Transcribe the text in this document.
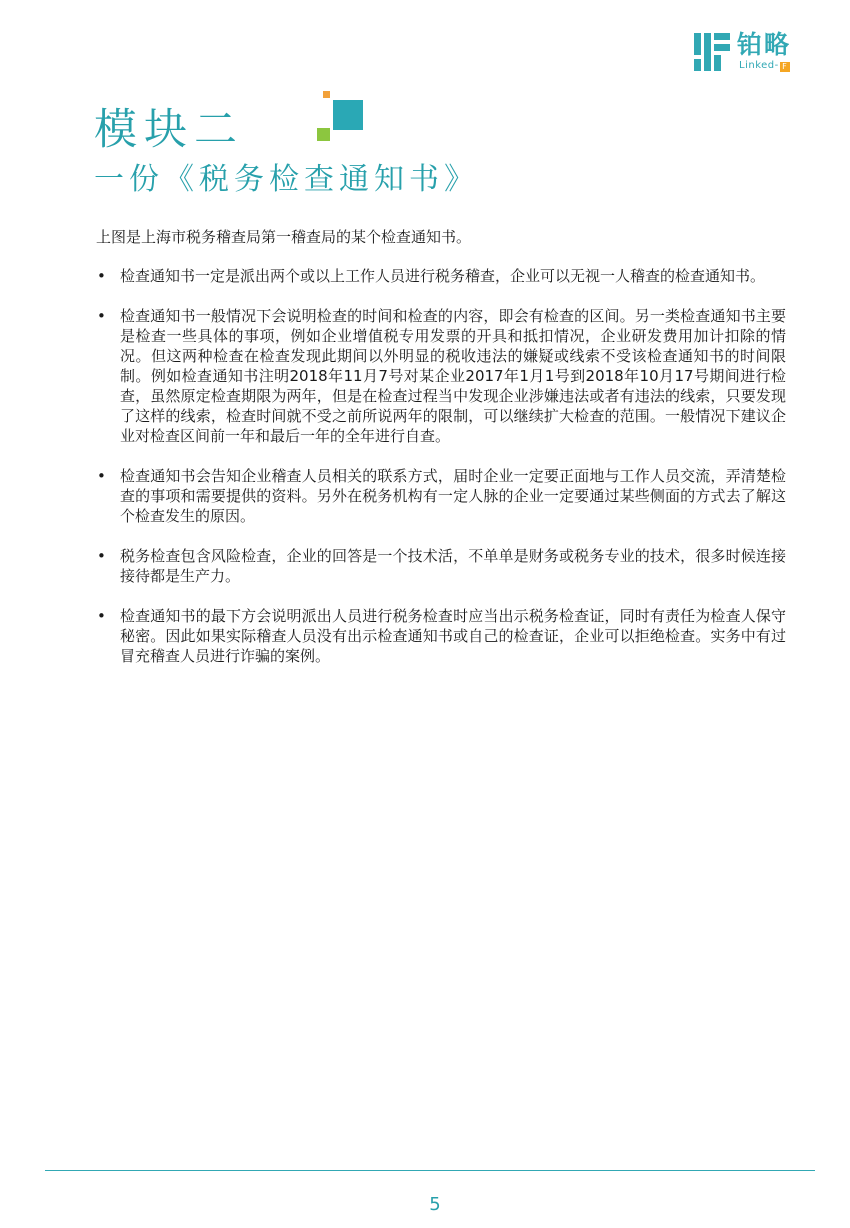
铂略
Linked- F
模块二
一份《税务检查通知书》

上图是上海市税务稽查局第一稽查局的某个检查通知书。

• 检查通知书一定是派出两个或以上工作人员进行税务稽查，企业可以无视一人稽查的检查通知书。
• 检查通知书一般情况下会说明检查的时间和检查的内容，即会有检查的区间。另一类检查通知书主要是检查一些具体的事项，例如企业增值税专用发票的开具和抵扣情况，企业研发费用加计扣除的情况。但这两种检查在检查发现此期间以外明显的税收违法的嫌疑或线索不受该检查通知书的时间限制。例如检查通知书注明2018年11月7号对某企业2017年1月1号到2018年10月17号期间进行检查，虽然原定检查期限为两年，但是在检查过程当中发现企业涉嫌违法或者有违法的线索，只要发现了这样的线索，检查时间就不受之前所说两年的限制，可以继续扩大检查的范围。一般情况下建议企业对检查区间前一年和最后一年的全年进行自查。
• 检查通知书会告知企业稽查人员相关的联系方式，届时企业一定要正面地与工作人员交流，弄清楚检查的事项和需要提供的资料。另外在税务机构有一定人脉的企业一定要通过某些侧面的方式去了解这个检查发生的原因。
• 税务检查包含风险检查，企业的回答是一个技术活，不单单是财务或税务专业的技术，很多时候连接接待都是生产力。
• 检查通知书的最下方会说明派出人员进行税务检查时应当出示税务检查证，同时有责任为检查人保守秘密。因此如果实际稽查人员没有出示检查通知书或自己的检查证，企业可以拒绝检查。实务中有过冒充稽查人员进行诈骗的案例。
5
